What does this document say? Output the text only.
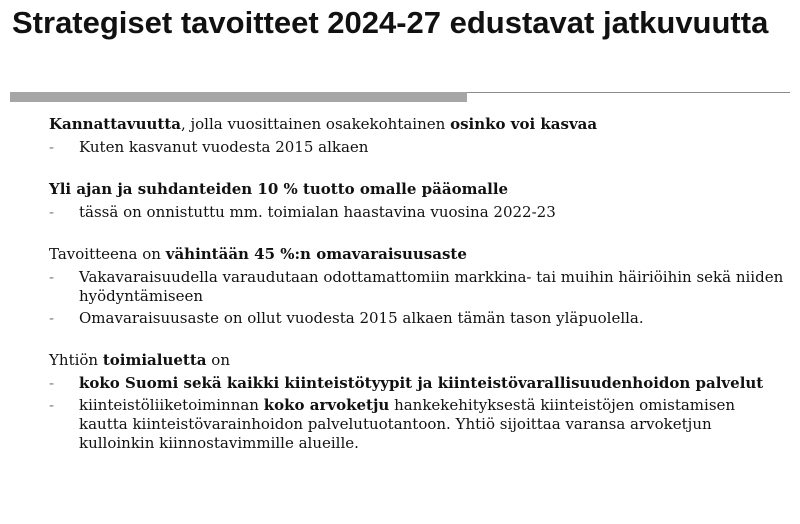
Strategiset tavoitteet 2024-27 edustavat jatkuvuutta

Kannattavuutta, jolla vuosittainen osakekohtainen osinko voi kasvaa

- Kuten kasvanut vuodesta 2015 alkaen

Yli ajan ja suhdanteiden 10 % tuotto omalle pääomalle

- tässä on onnistuttu mm. toimialan haastavina vuosina 2022-23

Tavoitteena on vähintään 45 %:n omavaraisuusaste

- Vakavaraisuudella varaudutaan odottamattomiin markkina- tai muihin häiriöihin sekä niiden hyödyntämiseen
- Omavaraisuusaste on ollut vuodesta 2015 alkaen tämän tason yläpuolella.

Yhtiön toimialuetta on

- koko Suomi sekä kaikki kiinteistötyypit ja kiinteistövarallisuudenhoidon palvelut
- kiinteistöliiketoiminnan koko arvoketju hankekehityksestä kiinteistöjen omistamisen kautta kiinteistövarainhoidon palvelutuotantoon. Yhtiö sijoittaa varansa arvoketjun kulloinkin kiinnostavimmille alueille.
